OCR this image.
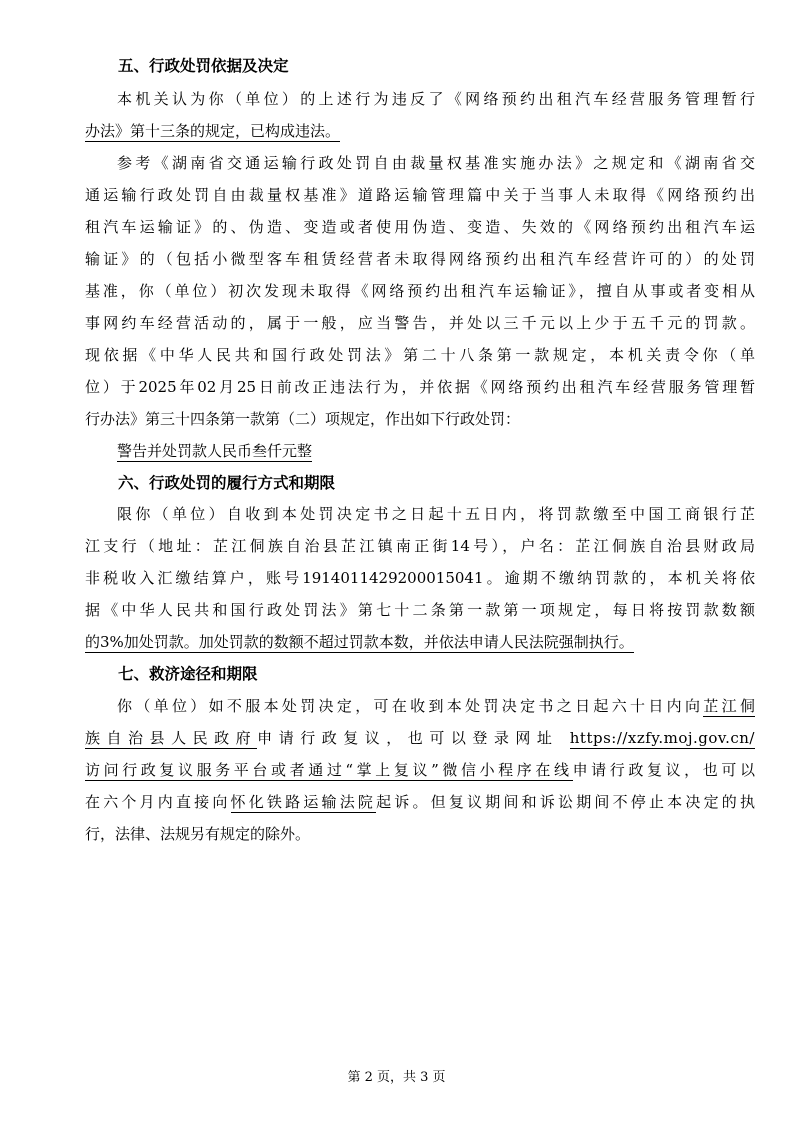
五、行政处罚依据及决定
本机关认为你（单位）的上述行为违反了《网络预约出租汽车经营服务管理暂行
办法》第十三条的规定，已构成违法。
参考《湖南省交通运输行政处罚自由裁量权基准实施办法》之规定和《湖南省交
通运输行政处罚自由裁量权基准》道路运输管理篇中关于当事人未取得《网络预约出
租汽车运输证》的、伪造、变造或者使用伪造、变造、失效的《网络预约出租汽车运
输证》的（包括小微型客车租赁经营者未取得网络预约出租汽车经营许可的）的处罚
基准，你（单位）初次发现未取得《网络预约出租汽车运输证》，擅自从事或者变相从
事网约车经营活动的，属于一般，应当警告，并处以三千元以上少于五千元的罚款。
现依据《中华人民共和国行政处罚法》第二十八条第一款规定，本机关责令你（单
位）于2025年02月25日前改正违法行为，并依据《网络预约出租汽车经营服务管理暂
行办法》第三十四条第一款第（二）项规定，作出如下行政处罚：
警告并处罚款人民币叁仟元整
六、行政处罚的履行方式和期限
限你（单位）自收到本处罚决定书之日起十五日内，将罚款缴至中国工商银行芷
江支行（地址：芷江侗族自治县芷江镇南正街14号），户名：芷江侗族自治县财政局
非税收入汇缴结算户，账号1914011429200015041。逾期不缴纳罚款的，本机关将依
据《中华人民共和国行政处罚法》第七十二条第一款第一项规定，每日将按罚款数额
的3%加处罚款。加处罚款的数额不超过罚款本数，并依法申请人民法院强制执行。
七、救济途径和期限
你（单位）如不服本处罚决定，可在收到本处罚决定书之日起六十日内向芷江侗
族自治县人民政府申请行政复议，也可以登录网址 https://xzfy.moj.gov.cn/
访问行政复议服务平台或者通过“掌上复议”微信小程序在线申请行政复议，也可以
在六个月内直接向怀化铁路运输法院起诉。但复议期间和诉讼期间不停止本决定的执
行，法律、法规另有规定的除外。
第 2 页，共 3 页
